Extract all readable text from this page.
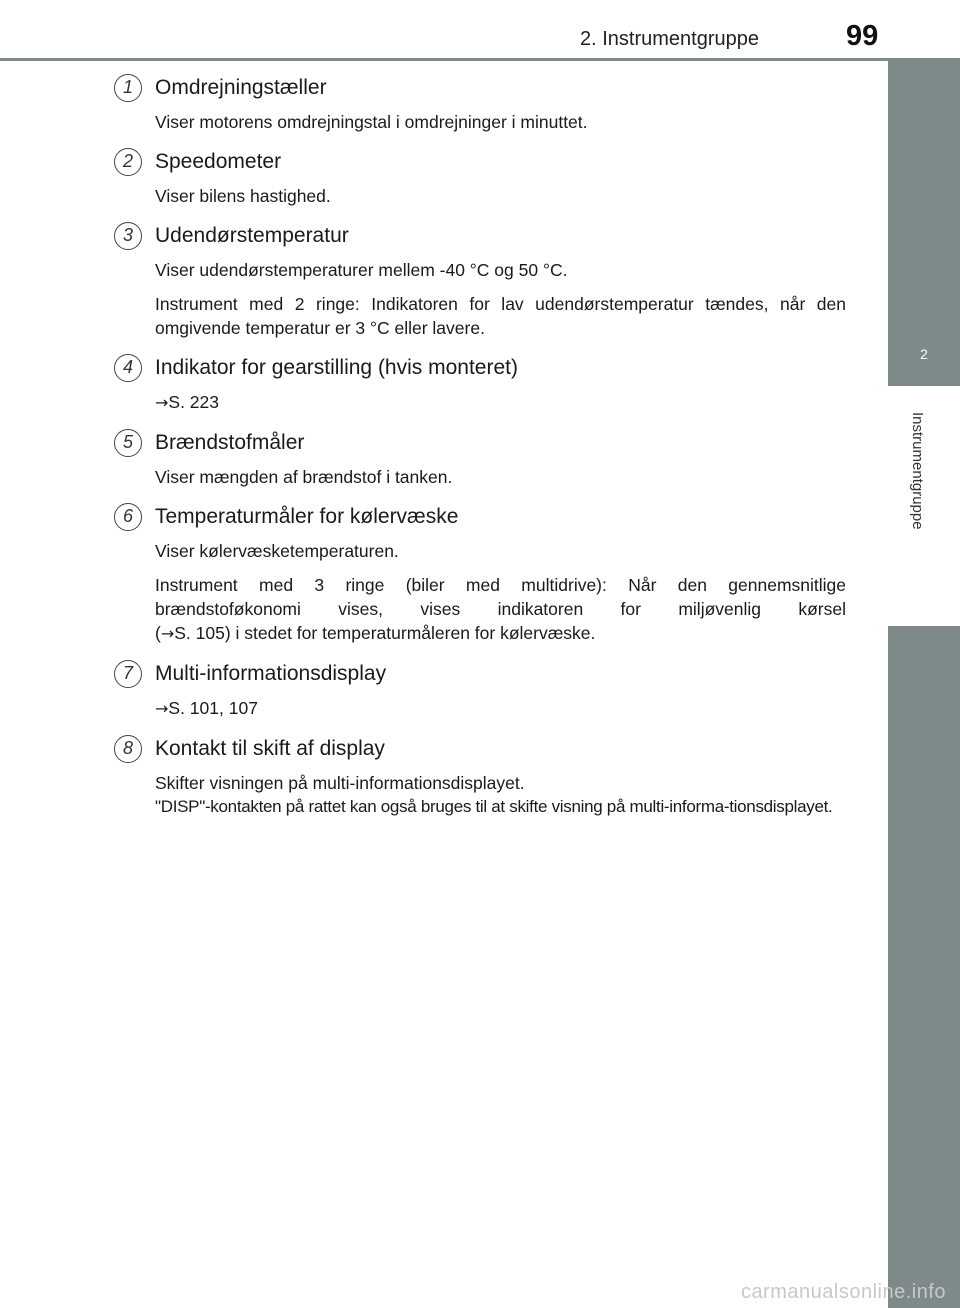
2. Instrumentgruppe	99
2
Instrumentgruppe
1	Omdrejningstæller

Viser motorens omdrejningstal i omdrejninger i minuttet.

2	Speedometer

Viser bilens hastighed.

3	Udendørstemperatur

Viser udendørstemperaturer mellem -40 °C og 50 °C.

Instrument med 2 ringe: Indikatoren for lav udendørstemperatur tændes, når den omgivende temperatur er 3 °C eller lavere.

4	Indikator for gearstilling (hvis monteret)

→S. 223

5	Brændstofmåler

Viser mængden af brændstof i tanken.

6	Temperaturmåler for kølervæske

Viser kølervæsketemperaturen.

Instrument med 3 ringe (biler med multidrive): Når den gennemsnitlige brændstoføkonomi vises, vises indikatoren for miljøvenlig kørsel

(→S. 105) i stedet for temperaturmåleren for kølervæske.

7	Multi-informationsdisplay

→S. 101, 107

8	Kontakt til skift af display

Skifter visningen på multi-informationsdisplayet.

"DISP"-kontakten på rattet kan også bruges til at skifte visning på multi-informa-tionsdisplayet.

carmanualsonline.info
